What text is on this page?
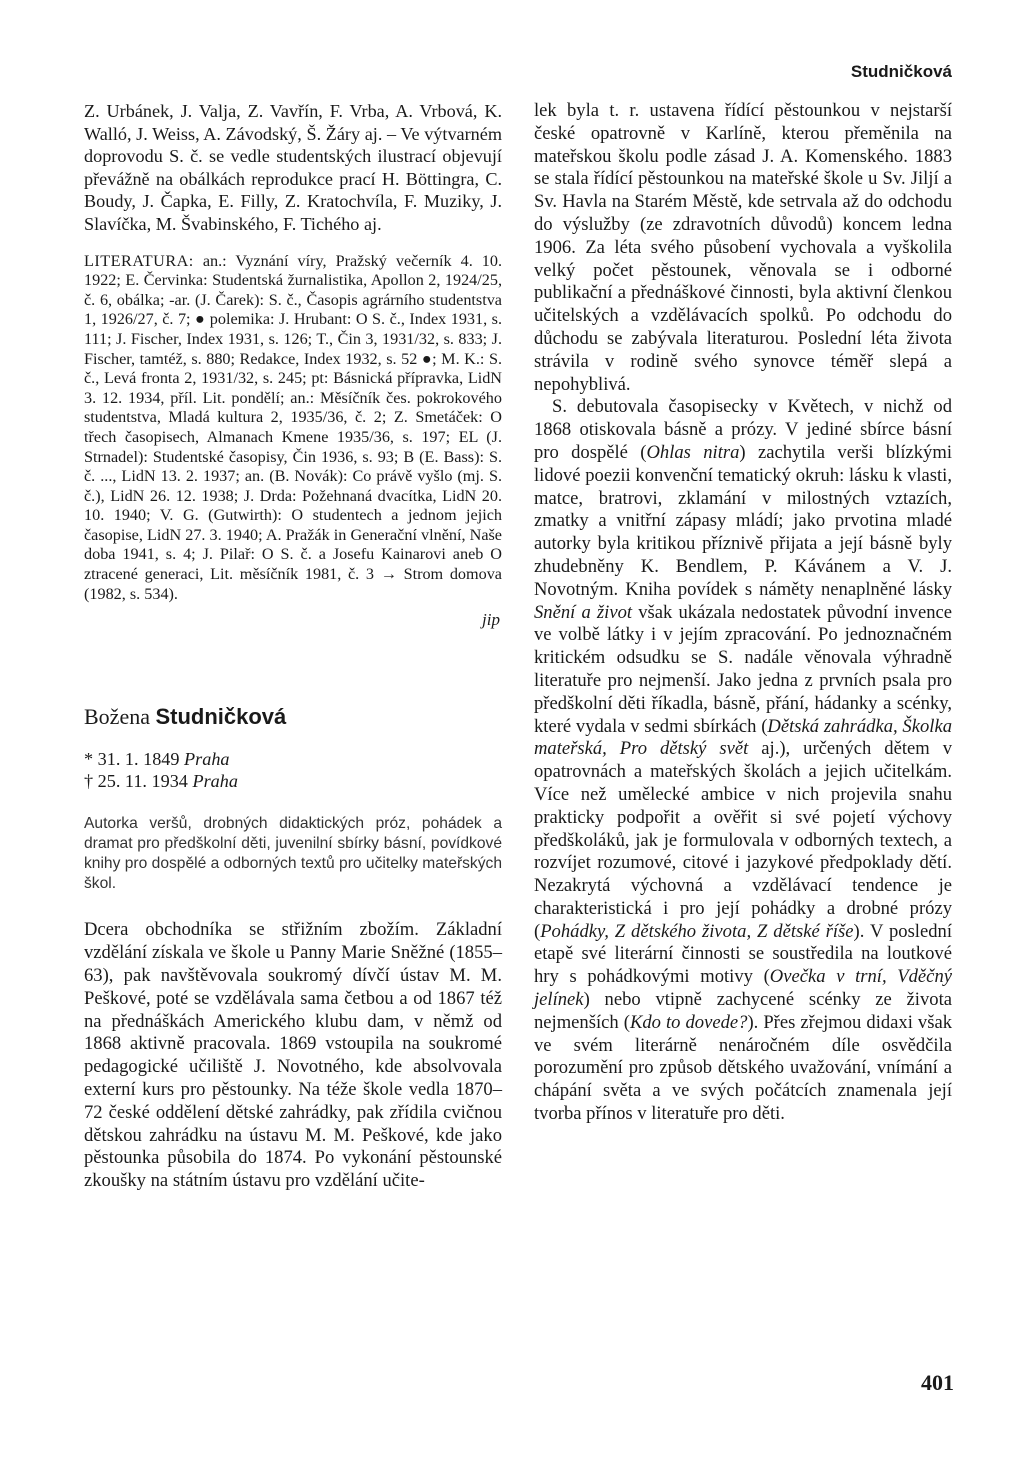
Studničková

Z. Urbánek, J. Valja, Z. Vavřín, F. Vrba, A. Vrbová, K. Walló, J. Weiss, A. Závodský, Š. Žáry aj. – Ve výtvarném doprovodu S. č. se vedle studentských ilustrací objevují převážně na obálkách reprodukce prací H. Böttingra, C. Boudy, J. Čapka, E. Filly, Z. Kratochvíla, F. Muziky, J. Slavíčka, M. Švabinského, F. Tichého aj.

LITERATURA: an.: Vyznání víry, Pražský večerník 4. 10. 1922; E. Červinka: Studentská žurnalistika, Apollon 2, 1924/25, č. 6, obálka; -ar. (J. Čarek): S. č., Časopis agrárního studentstva 1, 1926/27, č. 7; ● polemika: J. Hrubant: O S. č., Index 1931, s. 111; J. Fischer, Index 1931, s. 126; T., Čin 3, 1931/32, s. 833; J. Fischer, tamtéž, s. 880; Redakce, Index 1932, s. 52 ●; M. K.: S. č., Levá fronta 2, 1931/32, s. 245; pt: Básnická přípravka, LidN 3. 12. 1934, příl. Lit. pondělí; an.: Měsíčník čes. pokrokového studentstva, Mladá kultura 2, 1935/36, č. 2; Z. Smetáček: O třech časopisech, Almanach Kmene 1935/36, s. 197; EL (J. Strnadel): Studentské časopisy, Čin 1936, s. 93; B (E. Bass): S. č. ..., LidN 13. 2. 1937; an. (B. Novák): Co právě vyšlo (mj. S. č.), LidN 26. 12. 1938; J. Drda: Požehnaná dvacítka, LidN 20. 10. 1940; V. G. (Gutwirth): O studentech a jednom jejich časopise, LidN 27. 3. 1940; A. Pražák in Generační vlnění, Naše doba 1941, s. 4; J. Pilař: O S. č. a Josefu Kainarovi aneb O ztracené generaci, Lit. měsíčník 1981, č. 3 → Strom domova (1982, s. 534).

jip

Božena Studničková

* 31. 1. 1849 Praha
† 25. 11. 1934 Praha

Autorka veršů, drobných didaktických próz, pohádek a dramat pro předškolní děti, juvenilní sbírky básní, povídkové knihy pro dospělé a odborných textů pro učitelky mateřských škol.

Dcera obchodníka se střižním zbožím. Základní vzdělání získala ve škole u Panny Marie Sněžné (1855–63), pak navštěvovala soukromý dívčí ústav M. M. Peškové, poté se vzdělávala sama četbou a od 1867 též na přednáškách Amerického klubu dam, v němž od 1868 aktivně pracovala. 1869 vstoupila na soukromé pedagogické učiliště J. Novotného, kde absolvovala externí kurs pro pěstounky. Na téže škole vedla 1870–72 české oddělení dětské zahrádky, pak zřídila cvičnou dětskou zahrádku na ústavu M. M. Peškové, kde jako pěstounka působila do 1874. Po vykonání pěstounské zkoušky na státním ústavu pro vzdělání učite-

lek byla t. r. ustavena řídící pěstounkou v nejstarší české opatrovně v Karlíně, kterou přeměnila na mateřskou školu podle zásad J. A. Komenského. 1883 se stala řídící pěstounkou na mateřské škole u Sv. Jiljí a Sv. Havla na Starém Městě, kde setrvala až do odchodu do výslužby (ze zdravotních důvodů) koncem ledna 1906. Za léta svého působení vychovala a vyškolila velký počet pěstounek, věnovala se i odborné publikační a přednáškové činnosti, byla aktivní členkou učitelských a vzdělávacích spolků. Po odchodu do důchodu se zabývala literaturou. Poslední léta života strávila v rodině svého synovce téměř slepá a nepohyblivá.

S. debutovala časopisecky v Květech, v nichž od 1868 otiskovala básně a prózy. V jediné sbírce básní pro dospělé (Ohlas nitra) zachytila verši blízkými lidové poezii konvenční tematický okruh: lásku k vlasti, matce, bratrovi, zklamání v milostných vztazích, zmatky a vnitřní zápasy mládí; jako prvotina mladé autorky byla kritikou příznivě přijata a její básně byly zhudebněny K. Bendlem, P. Kávánem a V. J. Novotným. Kniha povídek s náměty nenaplněné lásky Snění a život však ukázala nedostatek původní invence ve volbě látky i v jejím zpracování. Po jednoznačném kritickém odsudku se S. nadále věnovala výhradně literatuře pro nejmenší. Jako jedna z prvních psala pro předškolní děti říkadla, básně, přání, hádanky a scénky, které vydala v sedmi sbírkách (Dětská zahrádka, Školka mateřská, Pro dětský svět aj.), určených dětem v opatrovnách a mateřských školách a jejich učitelkám. Více než umělecké ambice v nich projevila snahu prakticky podpořit a ověřit si své pojetí výchovy předškoláků, jak je formulovala v odborných textech, a rozvíjet rozumové, citové i jazykové předpoklady dětí. Nezakrytá výchovná a vzdělávací tendence je charakteristická i pro její pohádky a drobné prózy (Pohádky, Z dětského života, Z dětské říše). V poslední etapě své literární činnosti se soustředila na loutkové hry s pohádkovými motivy (Ovečka v trní, Vděčný jelínek) nebo vtipně zachycené scénky ze života nejmenších (Kdo to dovede?). Přes zřejmou didaxi však ve svém literárně nenáročném díle osvědčila porozumění pro způsob dětského uvažování, vnímání a chápání světa a ve svých počátcích znamenala její tvorba přínos v literatuře pro děti.

401
